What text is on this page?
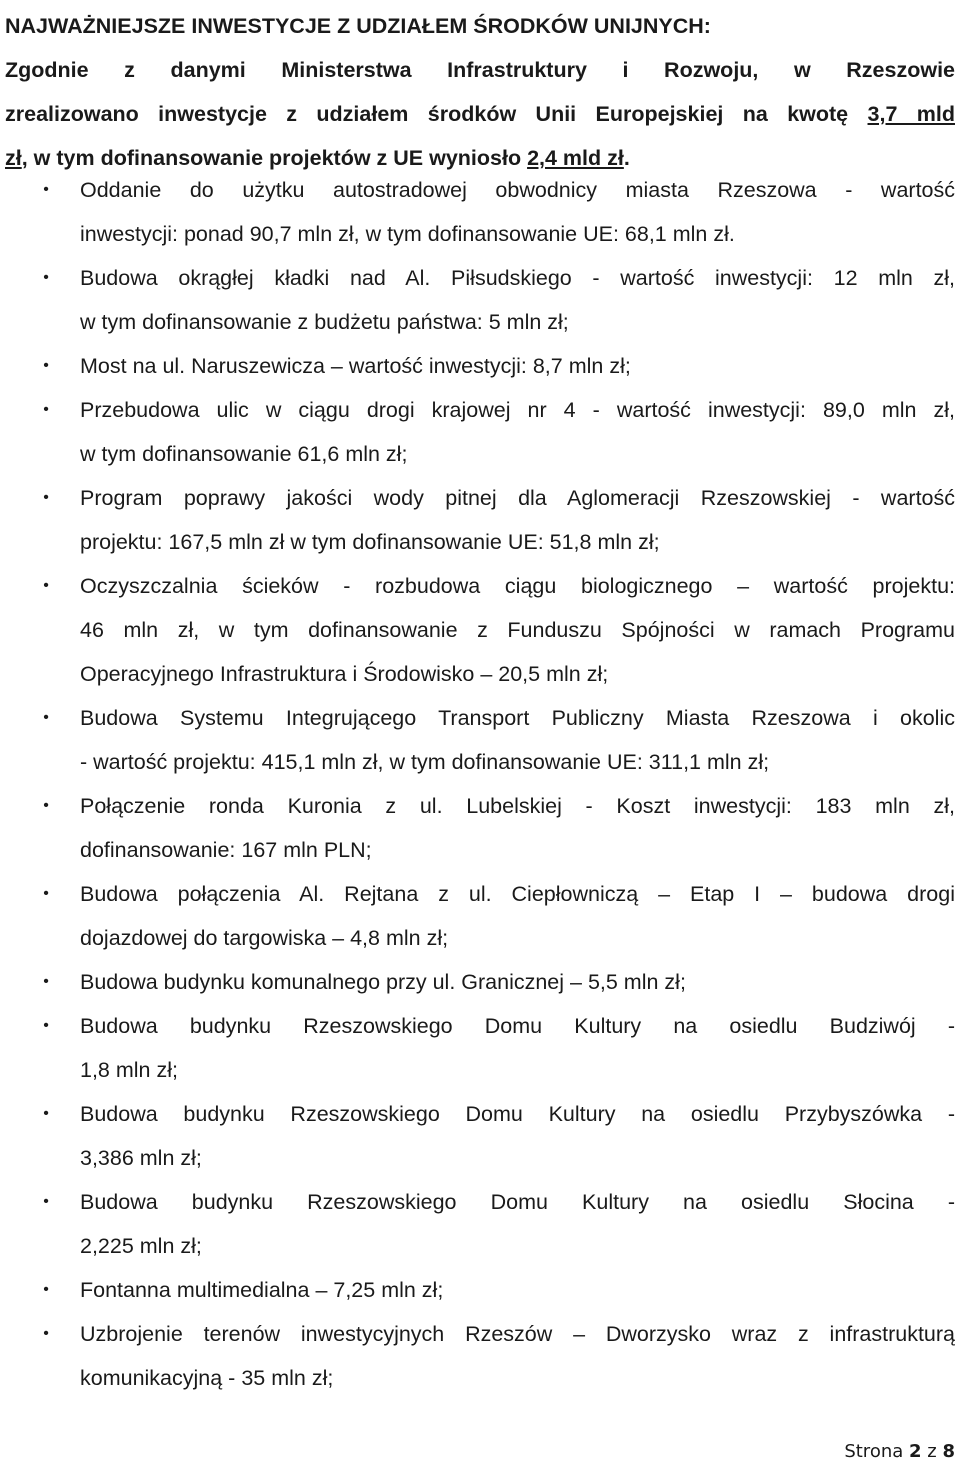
NAJWAŻNIEJSZE INWESTYCJE Z UDZIAŁEM ŚRODKÓW UNIJNYCH:
Zgodnie z danymi Ministerstwa Infrastruktury i Rozwoju, w Rzeszowie
zrealizowano inwestycje z udziałem środków Unii Europejskiej na kwotę 3,7 mld
zł, w tym dofinansowanie projektów z UE wyniosło 2,4 mld zł.
•	Oddanie do użytku autostradowej obwodnicy miasta Rzeszowa - wartość
inwestycji: ponad 90,7 mln zł, w tym dofinansowanie UE: 68,1 mln zł.
•	Budowa okrągłej kładki nad Al. Piłsudskiego - wartość inwestycji: 12 mln zł,
w tym dofinansowanie z budżetu państwa: 5 mln zł;
•	Most na ul. Naruszewicza – wartość inwestycji: 8,7 mln zł;
•	Przebudowa ulic w ciągu drogi krajowej nr 4 - wartość inwestycji: 89,0 mln zł,
w tym dofinansowanie 61,6 mln zł;
•	Program poprawy jakości wody pitnej dla Aglomeracji Rzeszowskiej - wartość
projektu: 167,5 mln zł w tym dofinansowanie UE: 51,8 mln zł;
•	Oczyszczalnia ścieków - rozbudowa ciągu biologicznego – wartość projektu:
46 mln zł, w tym dofinansowanie z Funduszu Spójności w ramach Programu
Operacyjnego Infrastruktura i Środowisko – 20,5 mln zł;
•	Budowa Systemu Integrującego Transport Publiczny Miasta Rzeszowa i okolic
- wartość projektu: 415,1 mln zł, w tym dofinansowanie UE: 311,1 mln zł;
•	Połączenie ronda Kuronia z ul. Lubelskiej - Koszt inwestycji: 183 mln zł,
dofinansowanie: 167 mln PLN;
•	Budowa połączenia Al. Rejtana z ul. Ciepłowniczą – Etap I – budowa drogi
dojazdowej do targowiska – 4,8 mln zł;
•	Budowa budynku komunalnego przy ul. Granicznej – 5,5 mln zł;
•	Budowa budynku Rzeszowskiego Domu Kultury na osiedlu Budziwój -
1,8 mln zł;
•	Budowa budynku Rzeszowskiego Domu Kultury na osiedlu Przybyszówka -
3,386 mln zł;
•	Budowa budynku Rzeszowskiego Domu Kultury na osiedlu Słocina -
2,225 mln zł;
•	Fontanna multimedialna – 7,25 mln zł;
•	Uzbrojenie terenów inwestycyjnych Rzeszów – Dworzysko wraz z infrastrukturą
komunikacyjną - 35 mln zł;
Strona 2 z 8
